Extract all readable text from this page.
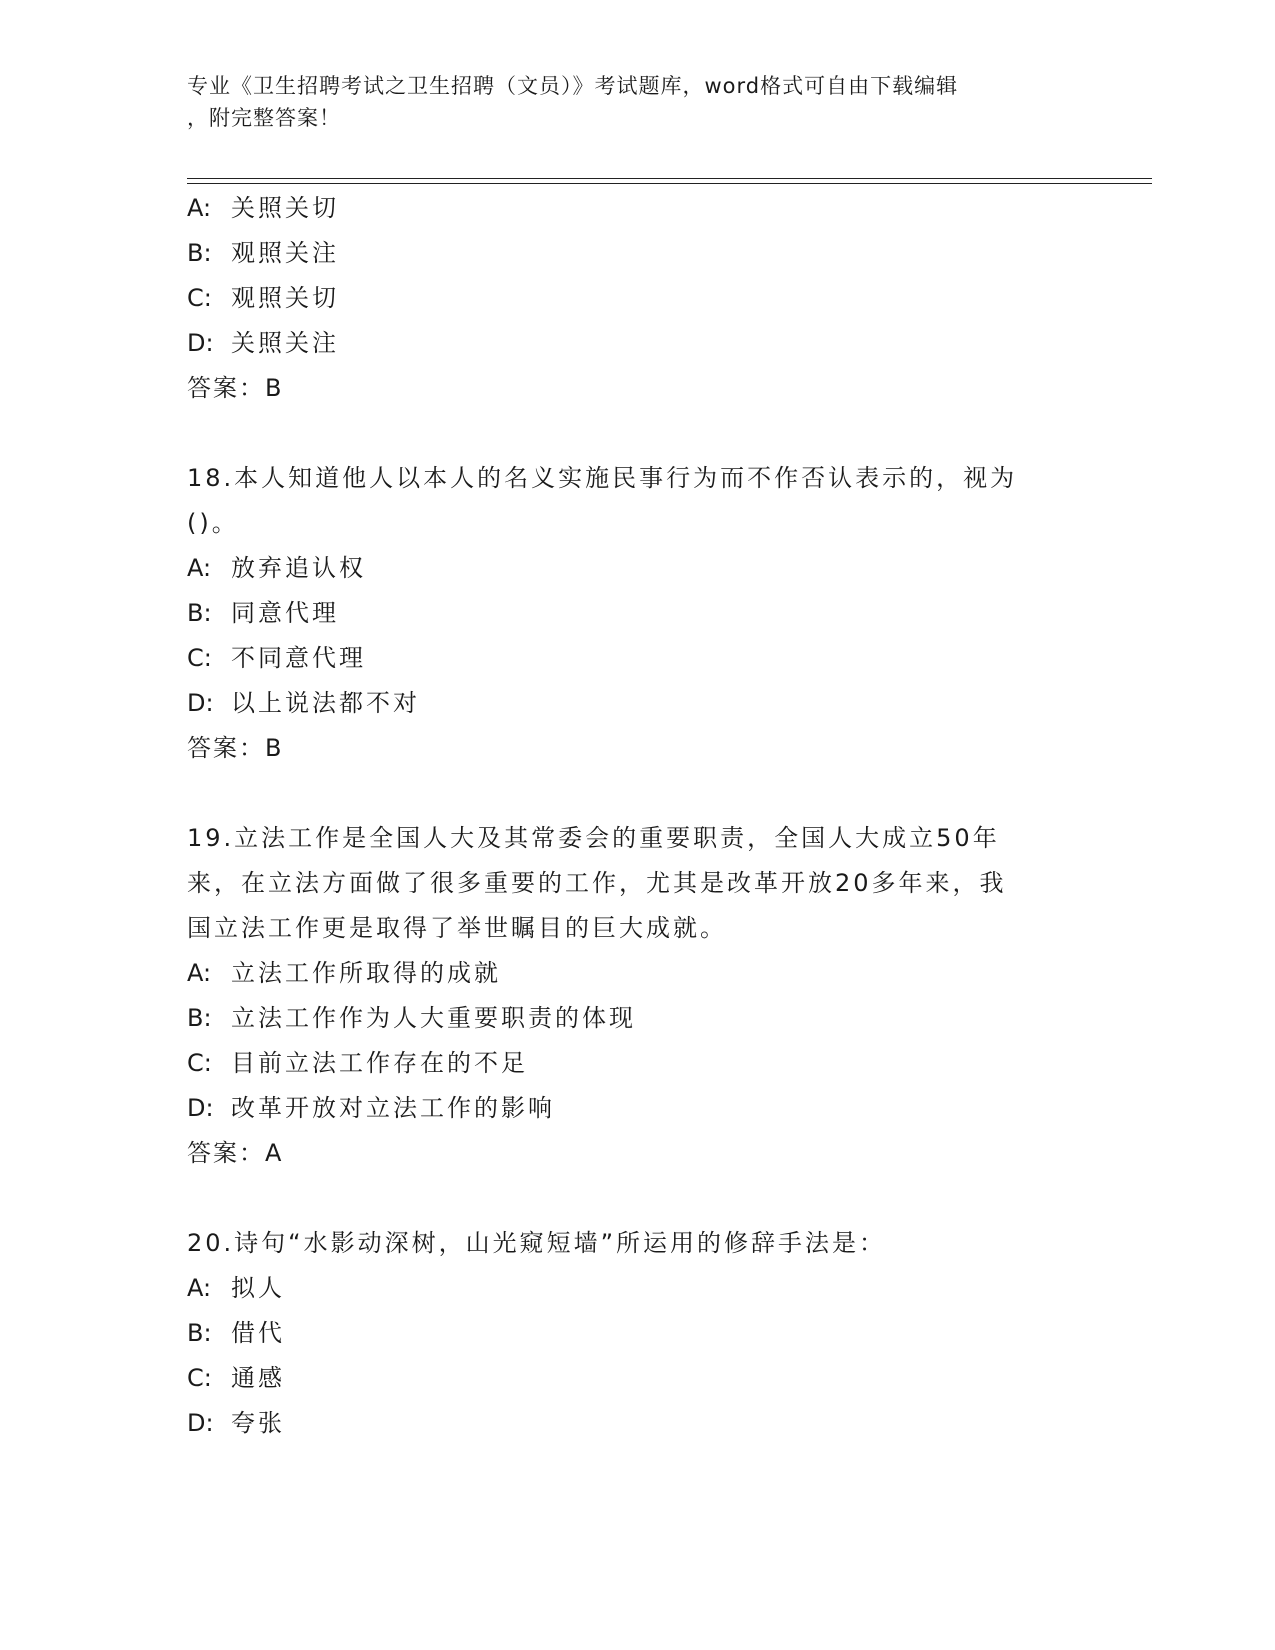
专业《卫生招聘考试之卫生招聘（文员）》考试题库，word格式可自由下载编辑
，附完整答案！
A: 关照关切
B: 观照关注
C: 观照关切
D: 关照关注
答案：B
18.本人知道他人以本人的名义实施民事行为而不作否认表示的，视为
()。
A: 放弃追认权
B: 同意代理
C: 不同意代理
D: 以上说法都不对
答案：B
19.立法工作是全国人大及其常委会的重要职责，全国人大成立50年
来，在立法方面做了很多重要的工作，尤其是改革开放20多年来，我
国立法工作更是取得了举世瞩目的巨大成就。
A: 立法工作所取得的成就
B: 立法工作作为人大重要职责的体现
C: 目前立法工作存在的不足
D: 改革开放对立法工作的影响
答案：A
20.诗句“水影动深树，山光窥短墙”所运用的修辞手法是：
A: 拟人
B: 借代
C: 通感
D: 夸张
